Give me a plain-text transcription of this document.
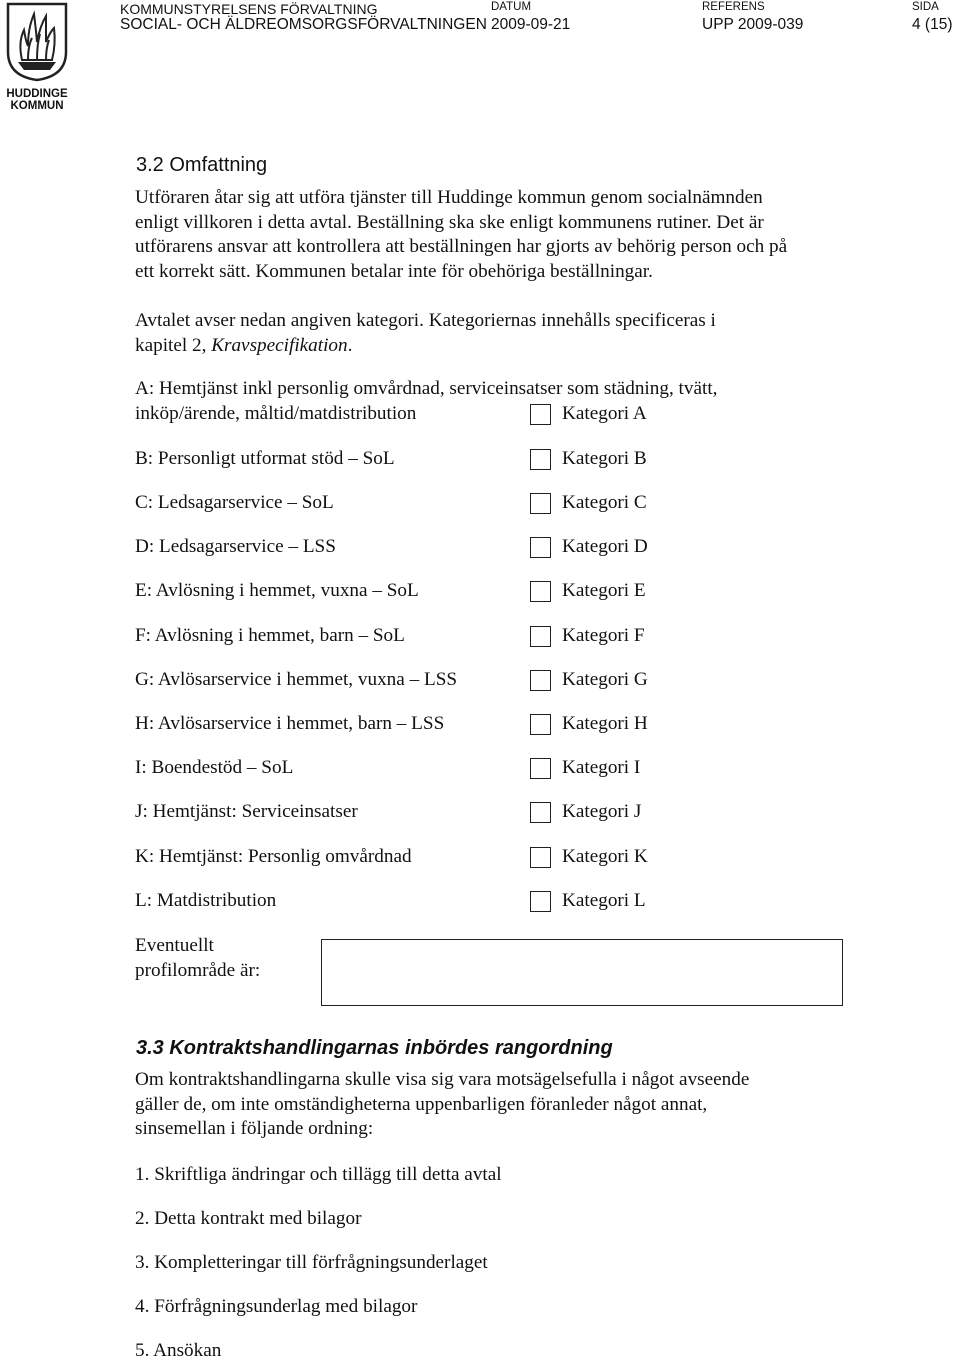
HUDDINGE
KOMMUN
KOMMUNSTYRELSENS FÖRVALTNING
SOCIAL- OCH ÄLDREOMSORGSFÖRVALTNINGEN
DATUM
2009-09-21
REFERENS
UPP 2009-039
SIDA
4 (15)
3.2 Omfattning
Utföraren åtar sig att utföra tjänster till Huddinge kommun genom socialnämnden
enligt villkoren i detta avtal. Beställning ska ske enligt kommunens rutiner. Det är
utförarens ansvar att kontrollera att beställningen har gjorts av behörig person och på
ett korrekt sätt. Kommunen betalar inte för obehöriga beställningar.
Avtalet avser nedan angiven kategori. Kategoriernas innehålls specificeras i
kapitel 2, Kravspecifikation.
A: Hemtjänst inkl personlig omvårdnad, serviceinsatser som städning, tvätt,
inköp/ärende, måltid/matdistribution	Kategori A
B: Personligt utformat stöd – SoL	Kategori B
C: Ledsagarservice – SoL	Kategori C
D: Ledsagarservice – LSS	Kategori D
E: Avlösning i hemmet, vuxna – SoL	Kategori E
F: Avlösning i hemmet, barn – SoL	Kategori F
G: Avlösarservice i hemmet, vuxna – LSS	Kategori G
H: Avlösarservice i hemmet, barn – LSS	Kategori H
I: Boendestöd – SoL	Kategori I
J: Hemtjänst: Serviceinsatser	Kategori J
K: Hemtjänst: Personlig omvårdnad	Kategori K
L: Matdistribution	Kategori L
Eventuellt
profilområde är:
3.3 Kontraktshandlingarnas inbördes rangordning
Om kontraktshandlingarna skulle visa sig vara motsägelsefulla i något avseende
gäller de, om inte omständigheterna uppenbarligen föranleder något annat,
sinsemellan i följande ordning:
1. Skriftliga ändringar och tillägg till detta avtal
2. Detta kontrakt med bilagor
3. Kompletteringar till förfrågningsunderlaget
4. Förfrågningsunderlag med bilagor
5. Ansökan
